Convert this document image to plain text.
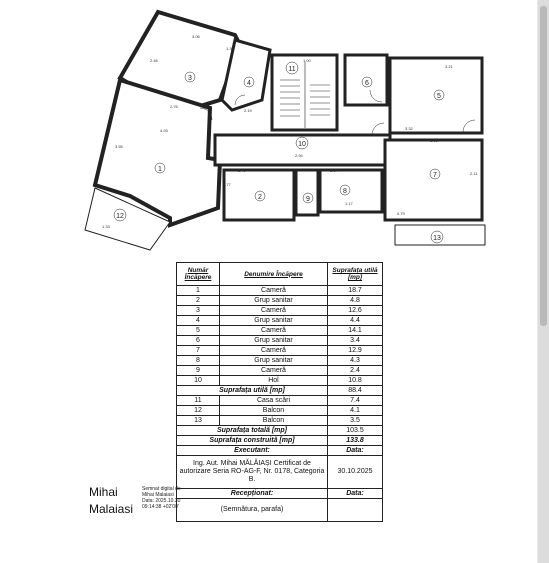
3
4
1
2	9
8
7
6
5
10
11
12
13
3.06
2.46
2.76
4.93
1.38
2.40
1.77
2.19
3.55
2.94
3.21
3.32
1.00
1.15
1.17
2.11
0.79
2.14
3.01
1.33
Număr Încăpere	Denumire Încăpere	Suprafața utilă [mp]
1	Cameră	18.7
2	Grup sanitar	4.8
3	Cameră	12.6
4	Grup sanitar	4.4
5	Cameră	14.1
6	Grup sanitar	3.4
7	Cameră	12.9
8	Grup sanitar	4.3
9	Cameră	2.4
10	Hol	10.8
Suprafața utilă [mp]		88.4
11	Casa scări	7.4
12	Balcon	4.1
13	Balcon	3.5
Suprafața totală [mp]		103.5
Suprafața construită [mp]		133.8
Executant:		Data:
Ing. Aut. Mihai MĂLĂIAȘI Certificat de autorizare Seria RO-AG-F, Nr. 0178, Categoria B.		30.10.2025
Recepționat:		Data:
(Semnătura, parafa)		
Mihai
Malaiasi
Semnat digital de
Mihai Malaiasi
Data: 2025.10.30
09:14:38 +02'00'
